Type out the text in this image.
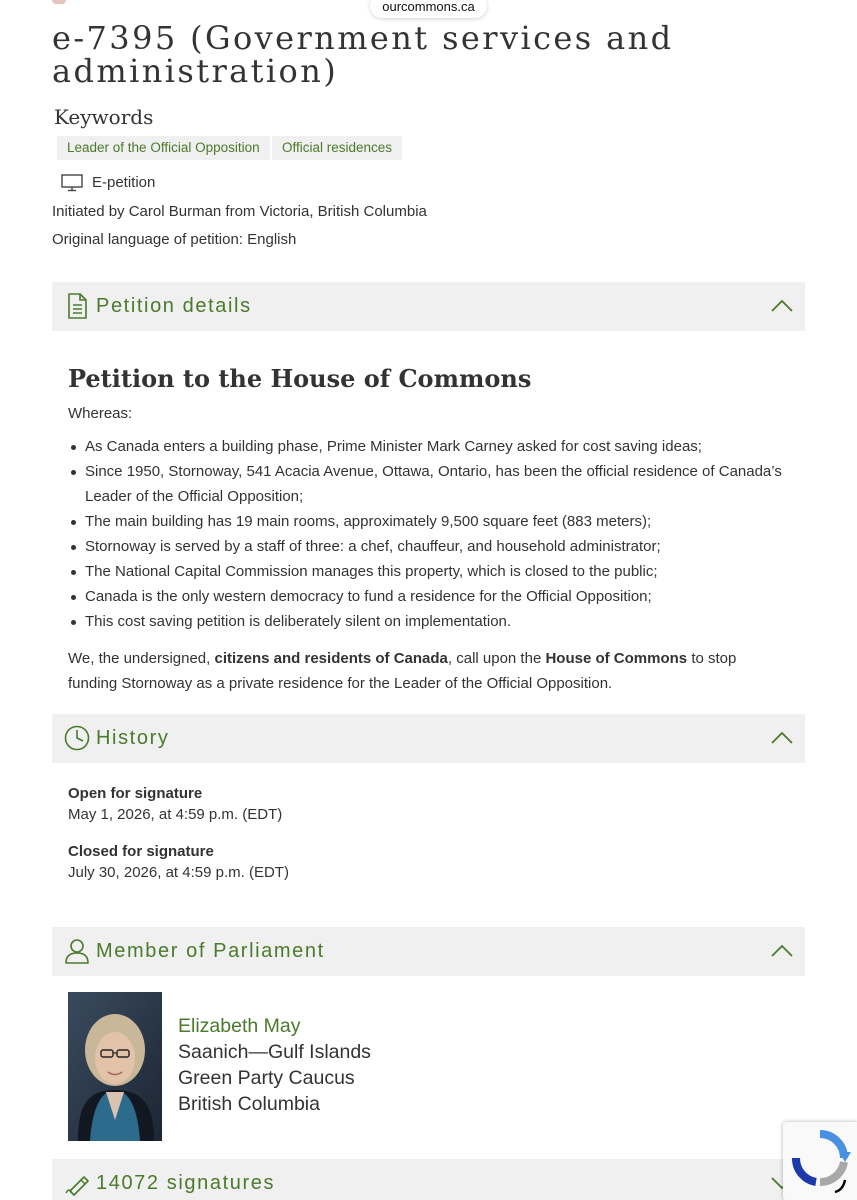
ourcommons.ca
e-7395 (Government services and administration)
Keywords
Leader of the Official Opposition	Official residences
E-petition
Initiated by Carol Burman from Victoria, British Columbia
Original language of petition: English
Petition details
Petition to the House of Commons
Whereas:
As Canada enters a building phase, Prime Minister Mark Carney asked for cost saving ideas;
Since 1950, Stornoway, 541 Acacia Avenue, Ottawa, Ontario, has been the official residence of Canada’s Leader of the Official Opposition;
The main building has 19 main rooms, approximately 9,500 square feet (883 meters);
Stornoway is served by a staff of three: a chef, chauffeur, and household administrator;
The National Capital Commission manages this property, which is closed to the public;
Canada is the only western democracy to fund a residence for the Official Opposition;
This cost saving petition is deliberately silent on implementation.

We, the undersigned, citizens and residents of Canada, call upon the House of Commons to stop funding Stornoway as a private residence for the Leader of the Official Opposition.

History
Open for signature
May 1, 2026, at 4:59 p.m. (EDT)
Closed for signature
July 30, 2026, at 4:59 p.m. (EDT)
Member of Parliament
Elizabeth May
Saanich—Gulf Islands
Green Party Caucus
British Columbia
14072 signatures
